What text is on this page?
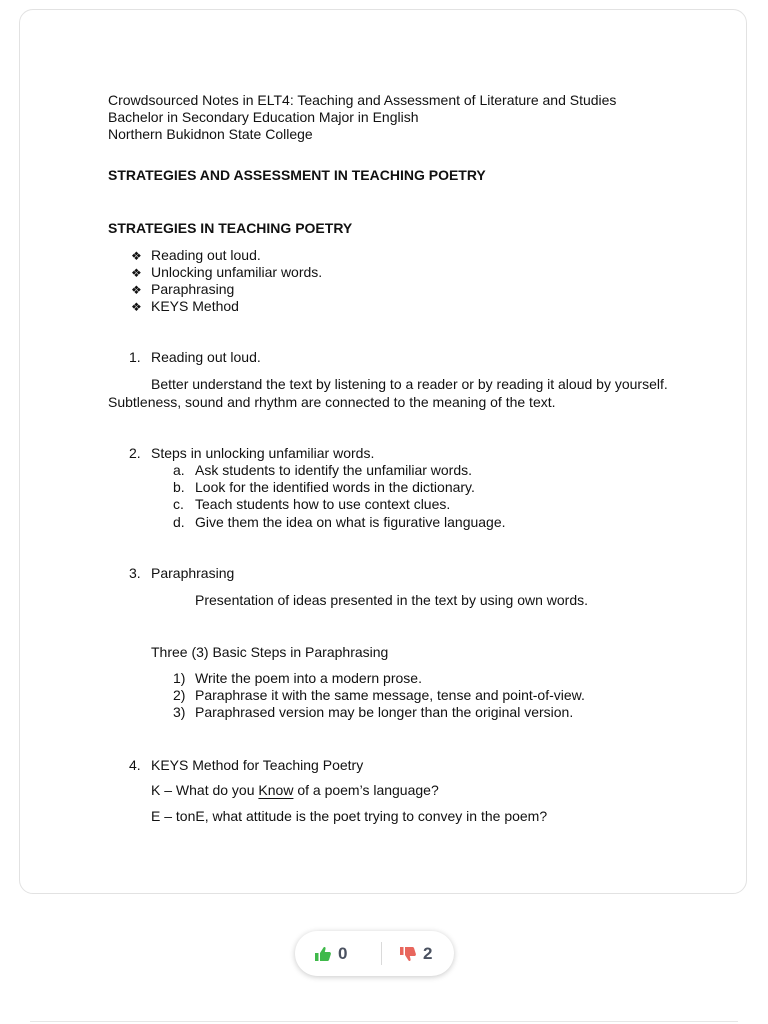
Crowdsourced Notes in ELT4: Teaching and Assessment of Literature and Studies
Bachelor in Secondary Education Major in English
Northern Bukidnon State College
STRATEGIES AND ASSESSMENT IN TEACHING POETRY
STRATEGIES IN TEACHING POETRY
❖ Reading out loud.
❖ Unlocking unfamiliar words.
❖ Paraphrasing
❖ KEYS Method
1. Reading out loud.
Better understand the text by listening to a reader or by reading it aloud by yourself.
Subtleness, sound and rhythm are connected to the meaning of the text.
2. Steps in unlocking unfamiliar words.
a. Ask students to identify the unfamiliar words.
b. Look for the identified words in the dictionary.
c. Teach students how to use context clues.
d. Give them the idea on what is figurative language.
3. Paraphrasing
Presentation of ideas presented in the text by using own words.
Three (3) Basic Steps in Paraphrasing
1) Write the poem into a modern prose.
2) Paraphrase it with the same message, tense and point-of-view.
3) Paraphrased version may be longer than the original version.
4. KEYS Method for Teaching Poetry
K – What do you Know of a poem’s language?
E – tonE, what attitude is the poet trying to convey in the poem?
0	2
